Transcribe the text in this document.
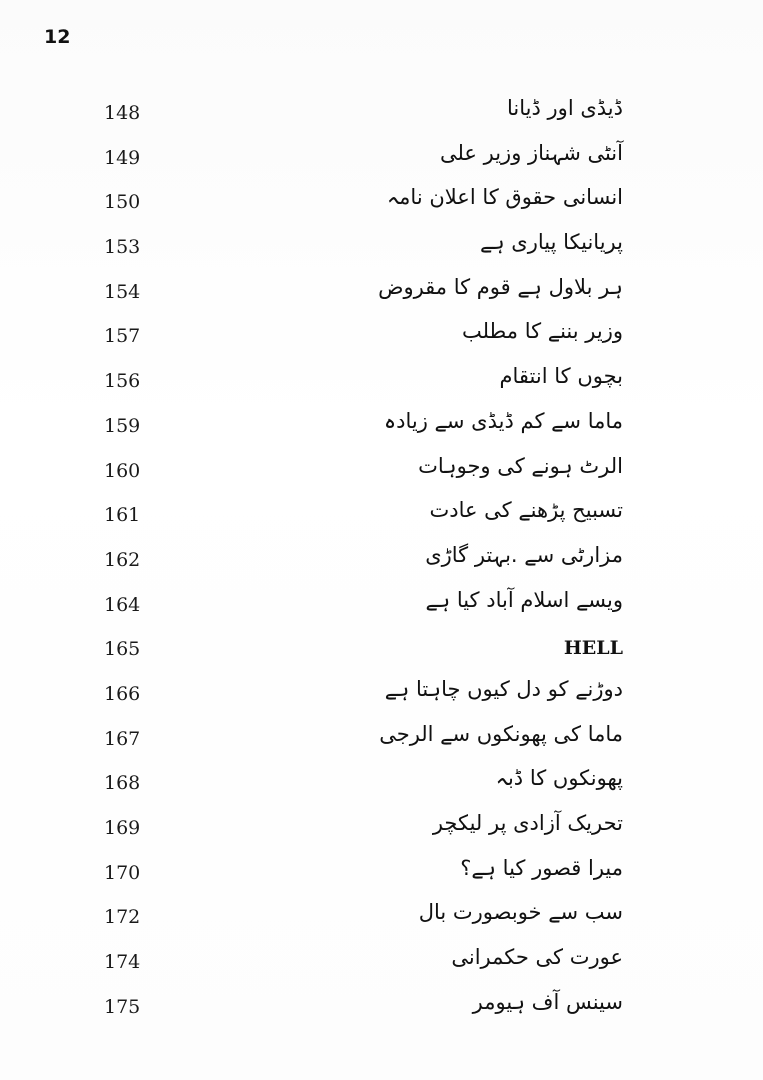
12
148	ڈیڈی اور ڈیانا
149	آنٹی شہناز وزیر علی
150	انسانی حقوق کا اعلان نامہ
153	پریانیکا پیاری ہے
154	ہر بلاول ہے قوم کا مقروض
157	وزیر بننے کا مطلب
156	بچوں کا انتقام
159	ماما سے کم ڈیڈی سے زیادہ
160	الرٹ ہونے کی وجوہات
161	تسبیح پڑھنے کی عادت
162	مزارٹی سے .بہتر گاڑی
164	ویسے اسلام آباد کیا ہے
165	HELL
166	دوڑنے کو دل کیوں چاہتا ہے
167	ماما کی پھونکوں سے الرجی
168	پھونکوں کا ڈبہ
169	تحریک آزادی پر لیکچر
170	میرا قصور کیا ہے؟
172	سب سے خوبصورت بال
174	عورت کی حکمرانی
175	سینس آف ہیومر
